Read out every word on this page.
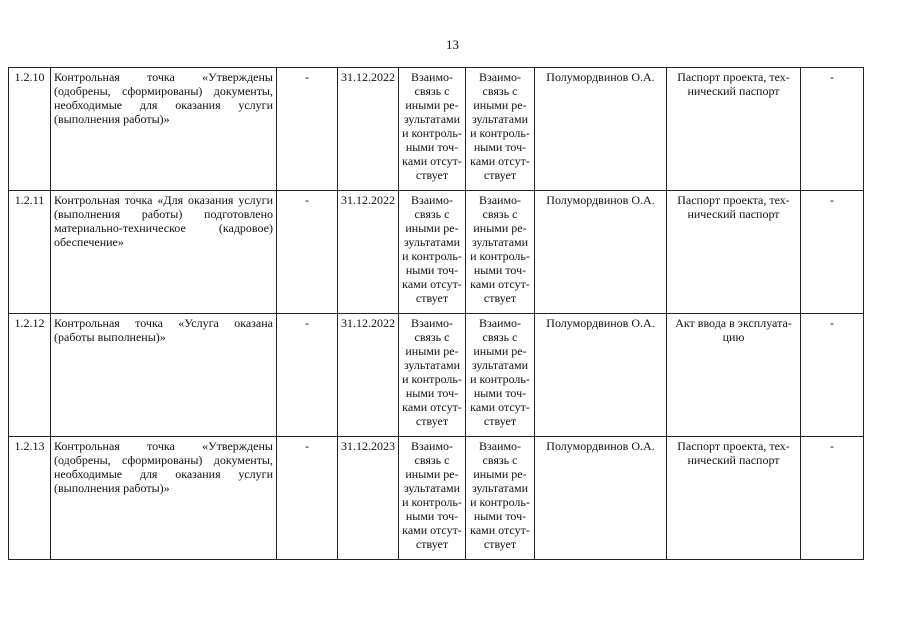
13
1.2.10	Контрольная точка «Утверждены (одобрены, сформированы) документы, необходимые для оказания услуги (выполнения работы)»	-	31.12.2022	Взаимо-связь с иными ре-зультатами и контроль-ными точ-ками отсут-ствует	Взаимо-связь с иными ре-зультатами и контроль-ными точ-ками отсут-ствует	Полумордвинов О.А.	Паспорт проекта, тех-нический паспорт	-
1.2.11	Контрольная точка «Для оказания услуги (выполнения работы) подготовлено материально-техническое (кадровое) обеспечение»	-	31.12.2022	Взаимо-связь с иными ре-зультатами и контроль-ными точ-ками отсут-ствует	Взаимо-связь с иными ре-зультатами и контроль-ными точ-ками отсут-ствует	Полумордвинов О.А.	Паспорт проекта, тех-нический паспорт	-
1.2.12	Контрольная точка «Услуга оказана (работы выполнены)»	-	31.12.2022	Взаимо-связь с иными ре-зультатами и контроль-ными точ-ками отсут-ствует	Взаимо-связь с иными ре-зультатами и контроль-ными точ-ками отсут-ствует	Полумордвинов О.А.	Акт ввода в эксплуата-цию	-
1.2.13	Контрольная точка «Утверждены (одобрены, сформированы) документы, необходимые для оказания услуги (выполнения работы)»	-	31.12.2023	Взаимо-связь с иными ре-зультатами и контроль-ными точ-ками отсут-ствует	Взаимо-связь с иными ре-зультатами и контроль-ными точ-ками отсут-ствует	Полумордвинов О.А.	Паспорт проекта, тех-нический паспорт	-
